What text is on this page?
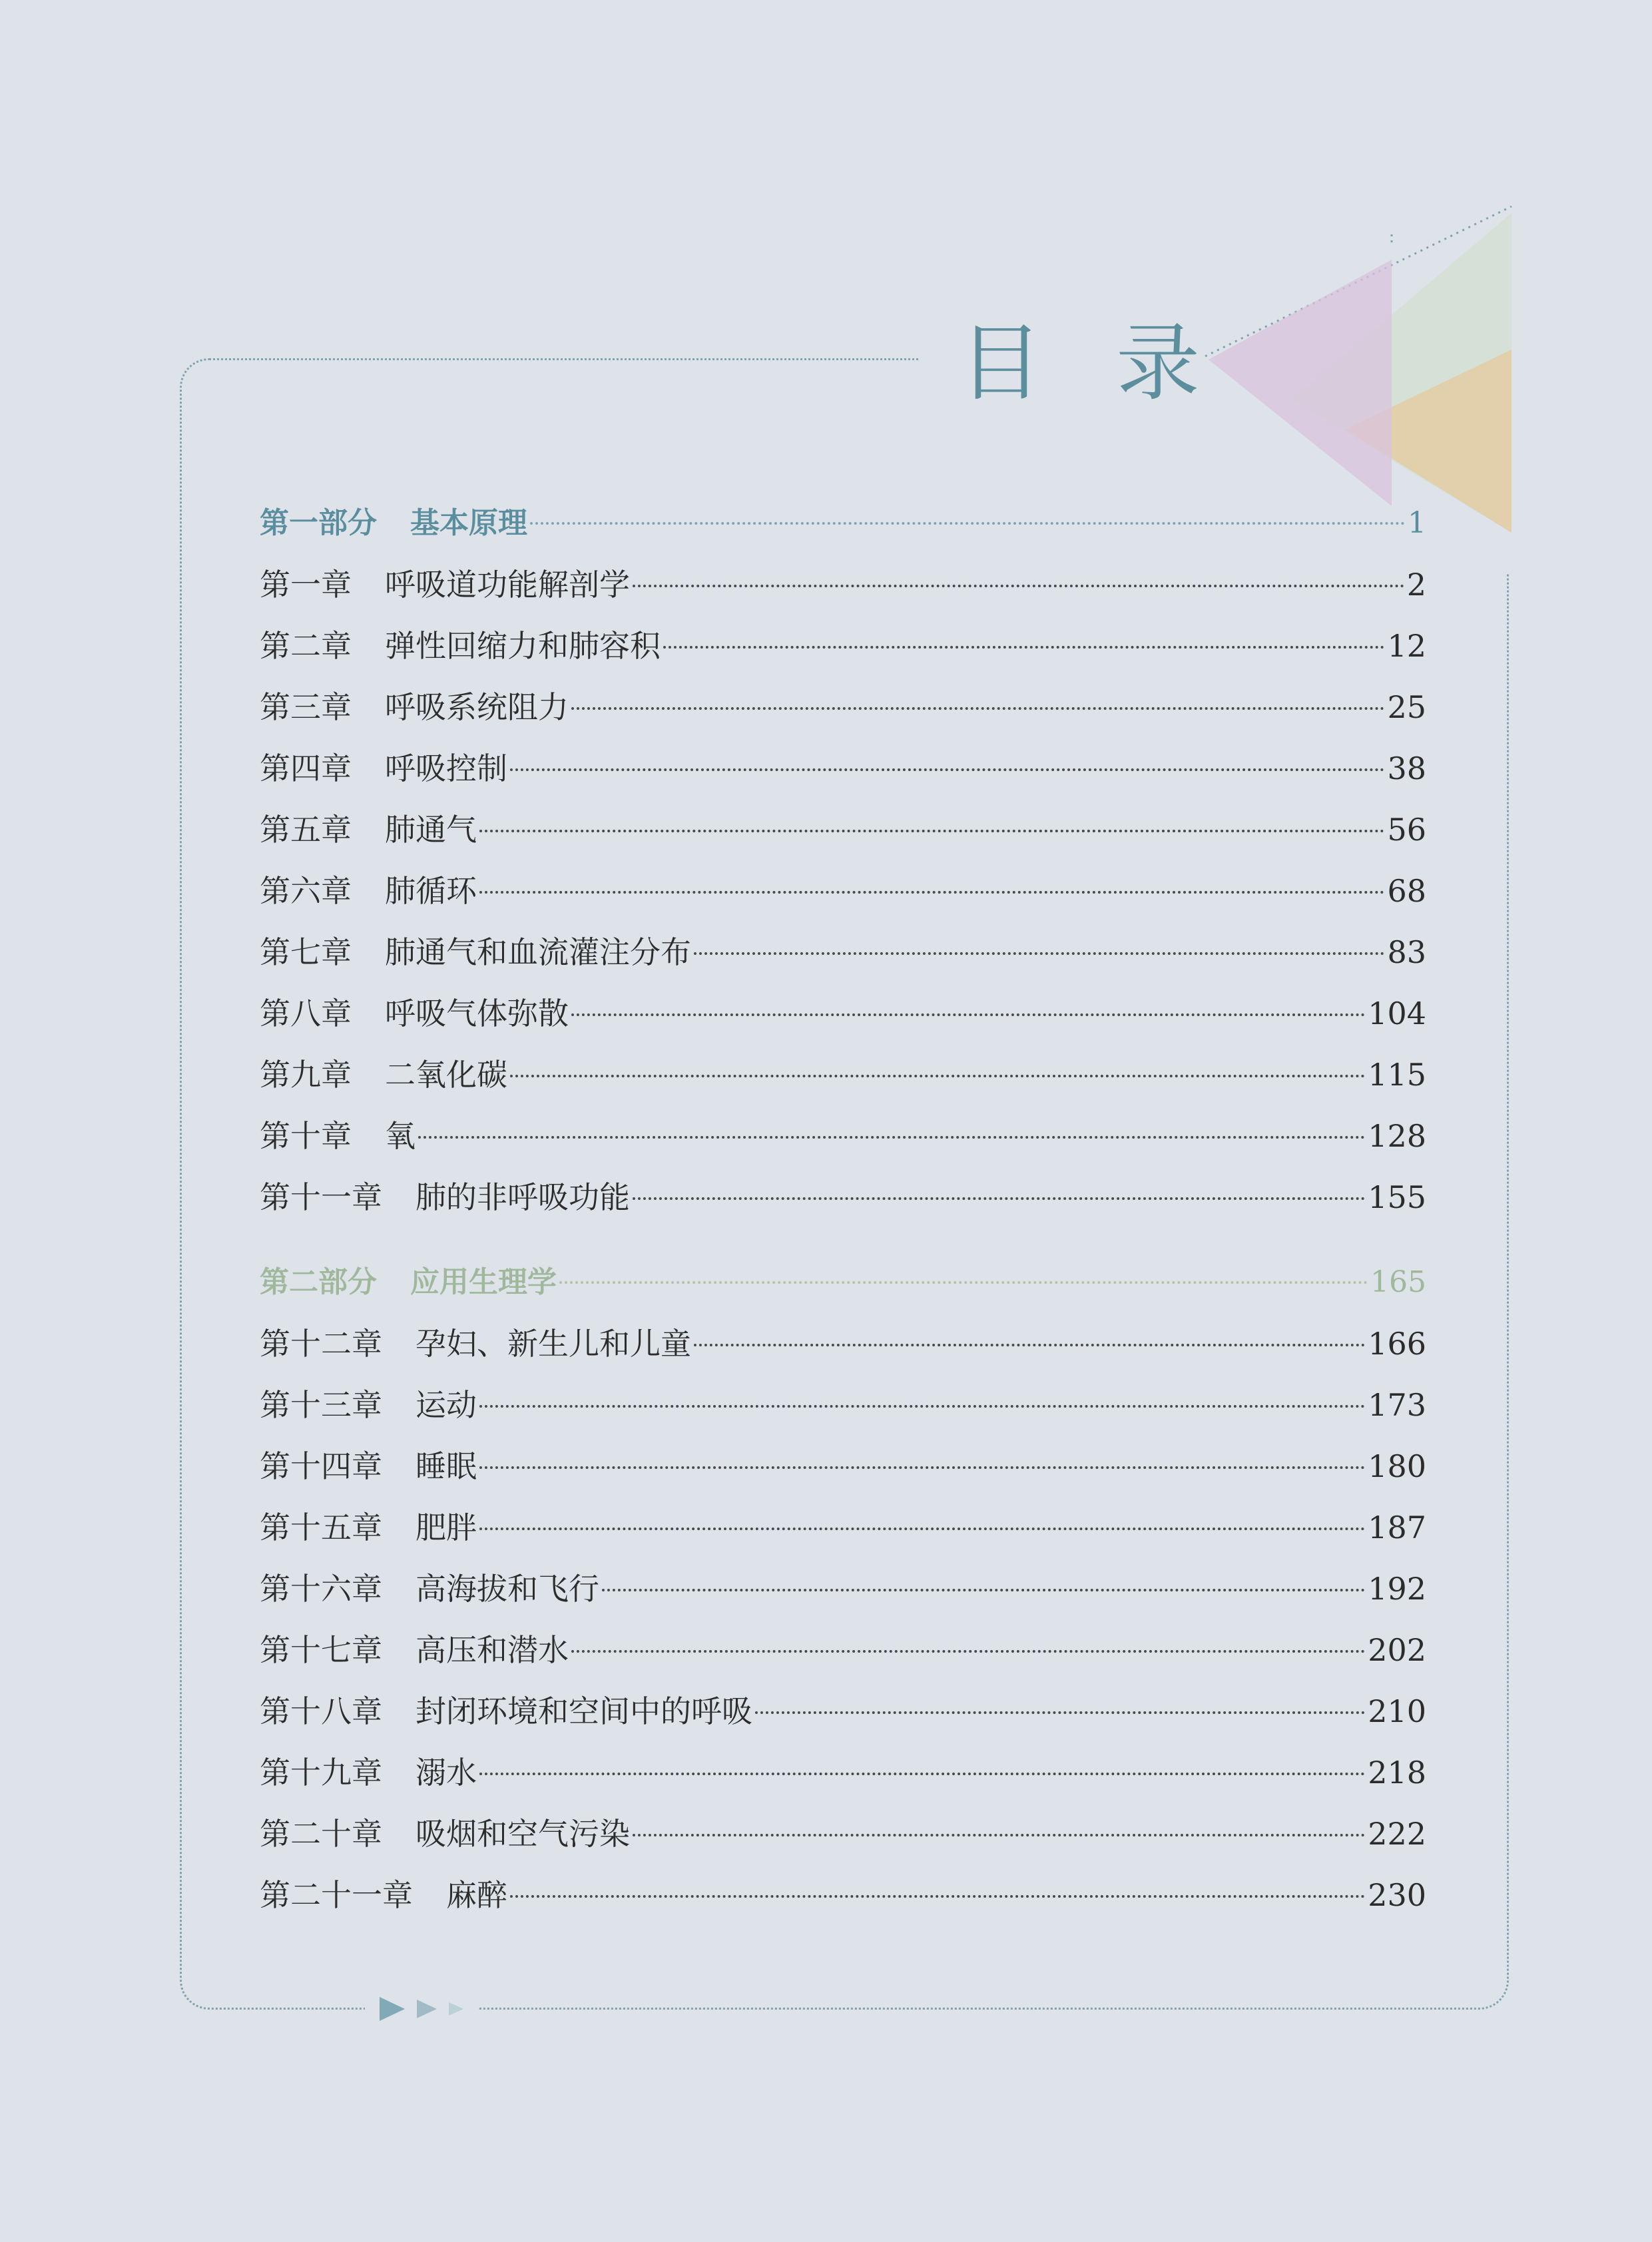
目 录
第一部分 基本原理	1
第一章 呼吸道功能解剖学	2
第二章 弹性回缩力和肺容积	12
第三章 呼吸系统阻力	25
第四章 呼吸控制	38
第五章 肺通气	56
第六章 肺循环	68
第七章 肺通气和血流灌注分布	83
第八章 呼吸气体弥散	104
第九章 二氧化碳	115
第十章 氧	128
第十一章 肺的非呼吸功能	155
第二部分 应用生理学	165
第十二章 孕妇、新生儿和儿童	166
第十三章 运动	173
第十四章 睡眠	180
第十五章 肥胖	187
第十六章 高海拔和飞行	192
第十七章 高压和潜水	202
第十八章 封闭环境和空间中的呼吸	210
第十九章 溺水	218
第二十章 吸烟和空气污染	222
第二十一章 麻醉	230
